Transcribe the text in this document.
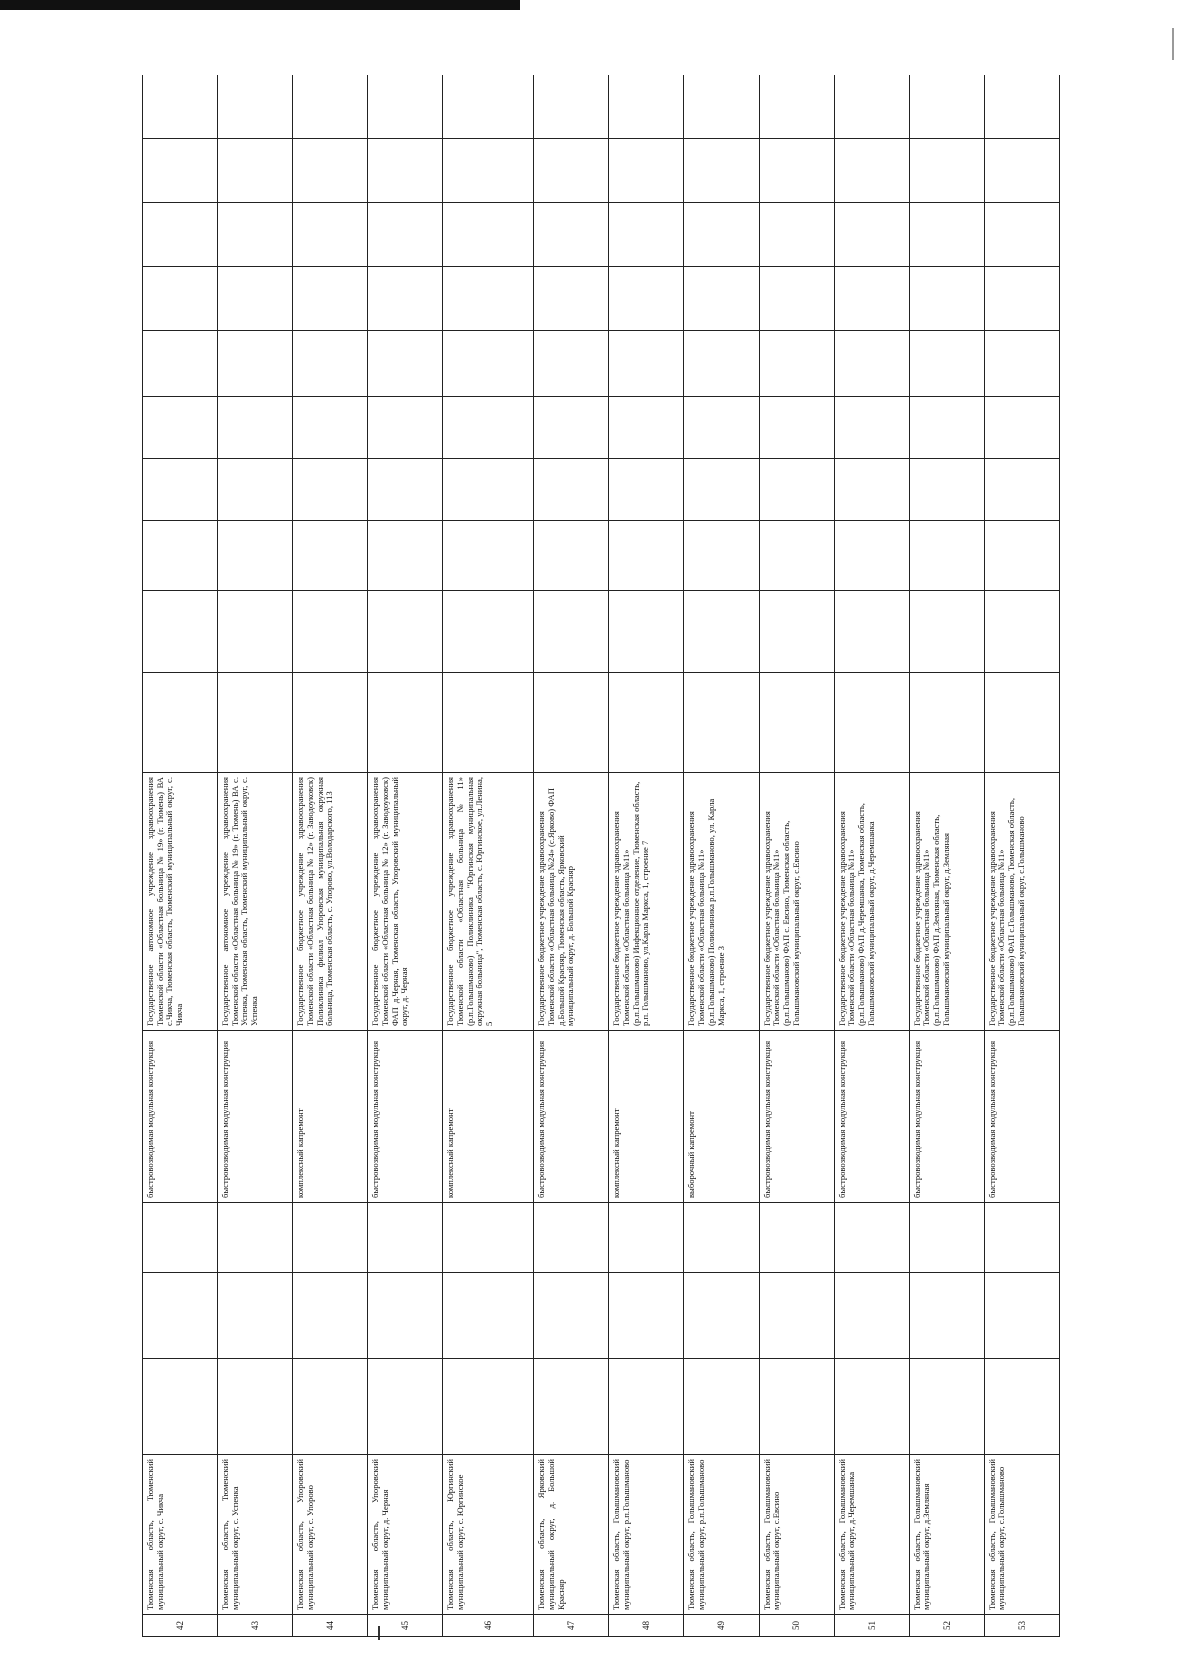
42	Тюменская область, Тюменский муниципальный округ, с. Чикча				быстровозводимая модульная конструкция	Государственное автономное учреждение здравоохранения Тюменской области «Областная больница № 19» (г. Тюмень) ВА с.Чикча, Тюменская область, Тюменский муниципальный округ, с. Чикча										
43	Тюменская область, Тюменский муниципальный округ, с. Успенка				быстровозводимая модульная конструкция	Государственное автономное учреждение здравоохранения Тюменской области «Областная больница № 19» (г. Тюмень) ВА с. Успенка, Тюменская область, Тюменский муниципальный округ, с. Успенка										
44	Тюменская область, Упоровский муниципальный округ, с. Упорово				комплексный капремонт	Государственное бюджетное учреждение здравоохранения Тюменской области «Областная больница № 12» (г. Заводоуковск) Поликлиника филиал Упоровская муниципальная окружная больница, Тюменская область, с. Упорово, ул.Володарского, 113										
45	Тюменская область, Упоровский муниципальный округ, д. Черная				быстровозводимая модульная конструкция	Государственное бюджетное учреждение здравоохранения Тюменской области «Областная больница № 12» (г. Заводоуковск) ФАП д.Черная, Тюменская область, Упоровский муниципальный округ, д. Черная										
46	Тюменская область, Юргинский муниципальный округ, с. Юргинское				комплексный капремонт	Государственное бюджетное учреждение здравоохранения Тюменской области «Областная больница №11» (р.п.Голышманово) Поликлиника "Юргинская муниципальная окружная больница", Тюменская область, с. Юргинское, ул.Ленина, 5										
47	Тюменская область, Ярковский муниципальный округ, д. Большой Красняр				быстровозводимая модульная конструкция	Государственное бюджетное учреждение здравоохранения Тюменской области «Областная больница №24» (с.Ярково) ФАП д.Большой Красняр, Тюменская область, Ярковский муниципальный округ, д. Большой Красняр										
48	Тюменская область, Голышмановский муниципальный округ, р.п.Голышманово				комплексный капремонт	Государственное бюджетное учреждение здравоохранения Тюменской области «Областная больница №11» (р.п.Голышманово) Инфекционное отделение, Тюменская область, р.п. Голышманово, ул.Карла Маркса, 1, строение 7										
49	Тюменская область, Голышмановский муниципальный округ, р.п.Голышманово				выборочный капремонт	Государственное бюджетное учреждение здравоохранения Тюменской области «Областная больница №11» (р.п.Голышманово) Поликлиника р.п.Голышманово, ул. Карла Маркса, 1, строение 3										
50	Тюменская область, Голышмановский муниципальный округ, с.Евсино				быстровозводимая модульная конструкция	Государственное бюджетное учреждение здравоохранения Тюменской области «Областная больница №11» (р.п.Голышманово) ФАП с. Евсино, Тюменская область, Голышмановский муниципальный округ, с.Евсино										
51	Тюменская область, Голышмановский муниципальный округ, д.Черемшанка				быстровозводимая модульная конструкция	Государственное бюджетное учреждение здравоохранения Тюменской области «Областная больница №11» (р.п.Голышманово) ФАП д.Черемшанка, Тюменская область, Голышмановский муниципальный округ, д.Черемшанка										
52	Тюменская область, Голышмановский муниципальный округ, д.Земляная				быстровозводимая модульная конструкция	Государственное бюджетное учреждение здравоохранения Тюменской области «Областная больница №11» (р.п.Голышманово) ФАП д.Земляная, Тюменская область, Голышмановский муниципальный округ, д.Земляная										
53	Тюменская область, Голышмановский муниципальный округ, с.Голышманово				быстровозводимая модульная конструкция	Государственное бюджетное учреждение здравоохранения Тюменской области «Областная больница №11» (р.п.Голышманово) ФАП с.Голышманово, Тюменская область, Голышмановский муниципальный округ, с.Голышманово										
